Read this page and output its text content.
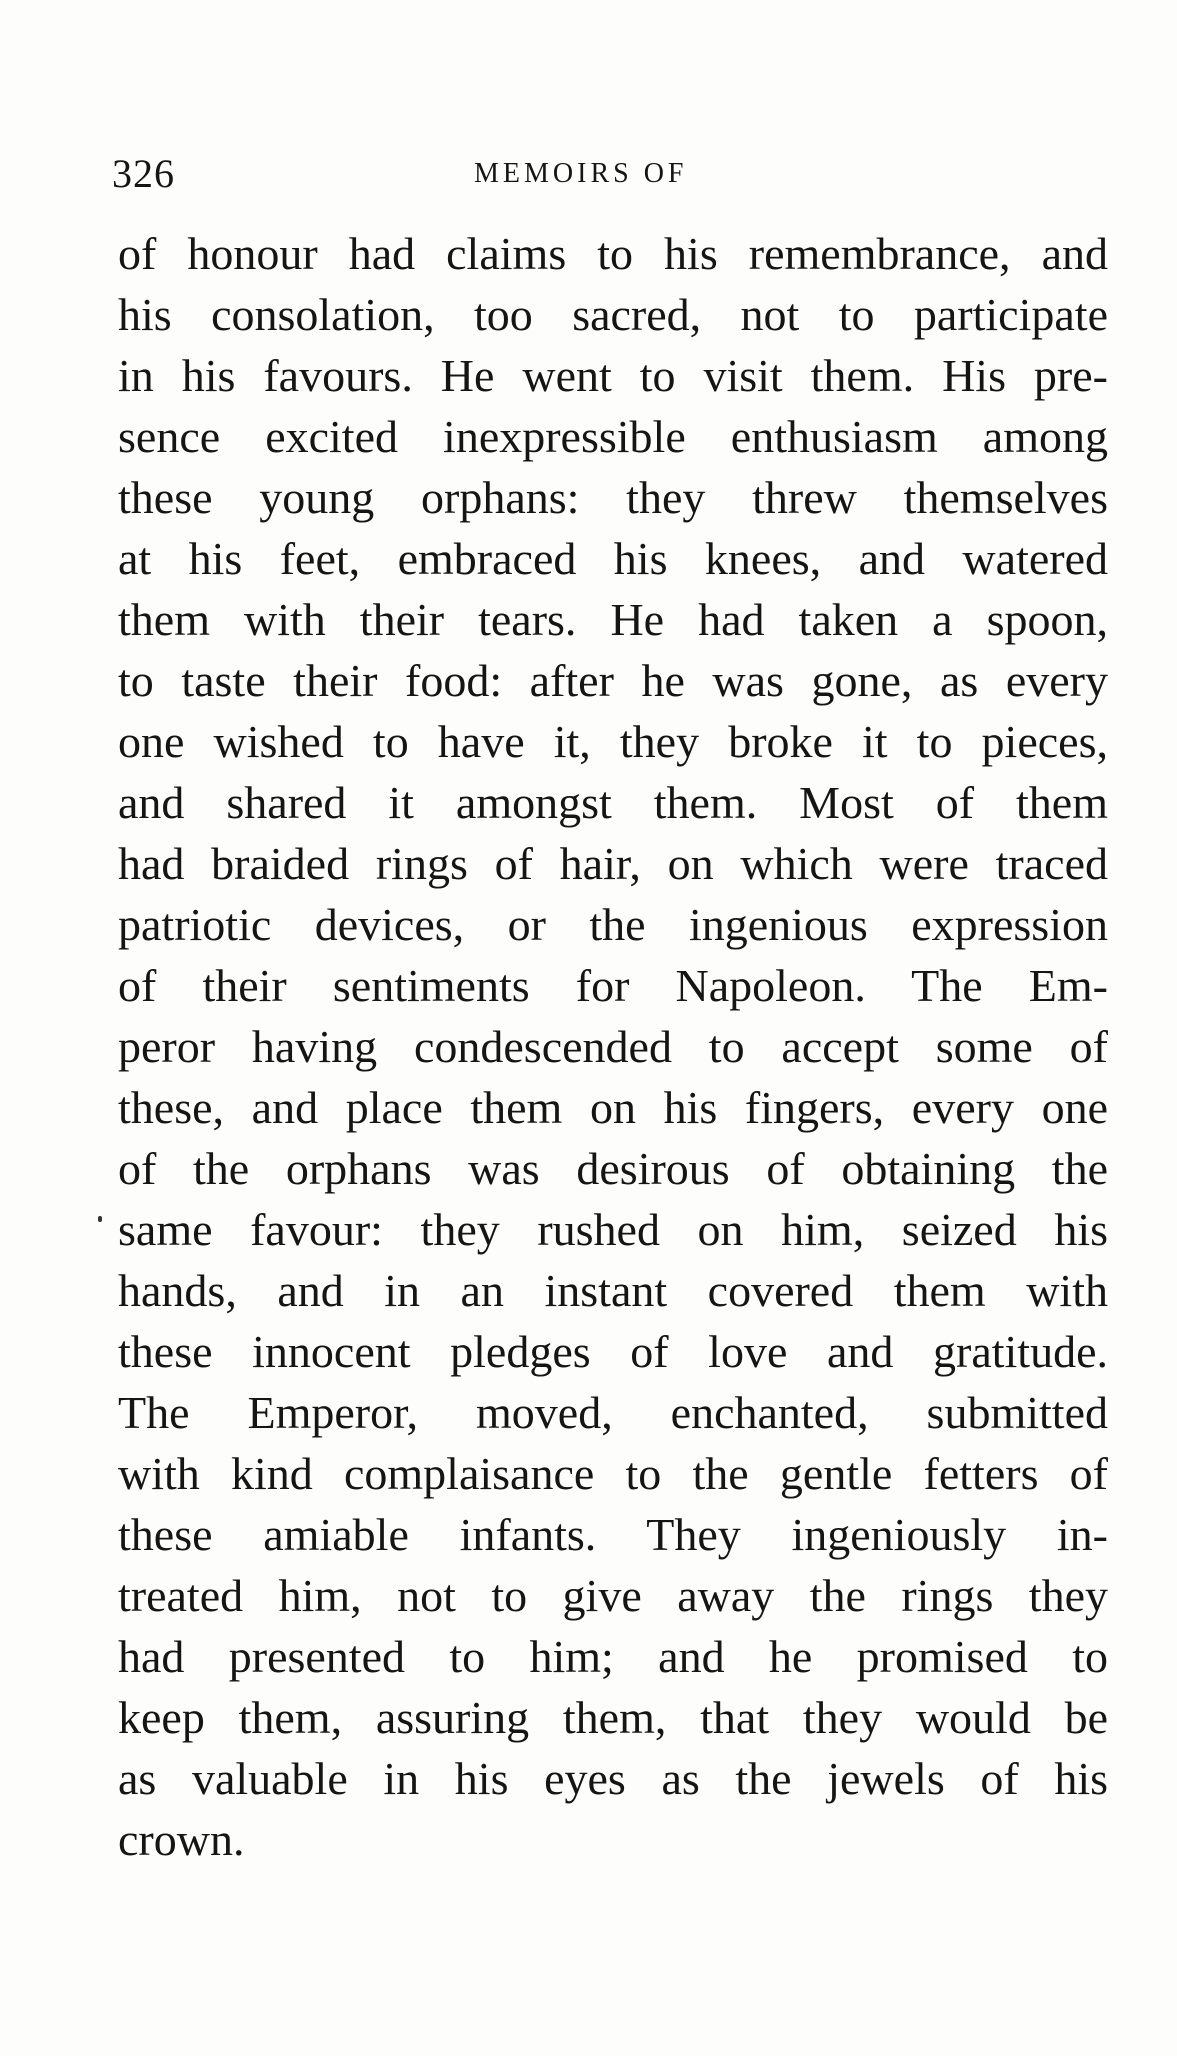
326	MEMOIRS OF
of honour had claims to his remembrance, and
his consolation, too sacred, not to participate
in his favours. He went to visit them. His pre-
sence excited inexpressible enthusiasm among
these young orphans: they threw themselves
at his feet, embraced his knees, and watered
them with their tears. He had taken a spoon,
to taste their food: after he was gone, as every
one wished to have it, they broke it to pieces,
and shared it amongst them. Most of them
had braided rings of hair, on which were traced
patriotic devices, or the ingenious expression
of their sentiments for Napoleon. The Em-
peror having condescended to accept some of
these, and place them on his fingers, every one
of the orphans was desirous of obtaining the
same favour: they rushed on him, seized his
hands, and in an instant covered them with
these innocent pledges of love and gratitude.
The Emperor, moved, enchanted, submitted
with kind complaisance to the gentle fetters of
these amiable infants. They ingeniously in-
treated him, not to give away the rings they
had presented to him; and he promised to
keep them, assuring them, that they would be
as valuable in his eyes as the jewels of his
crown.
